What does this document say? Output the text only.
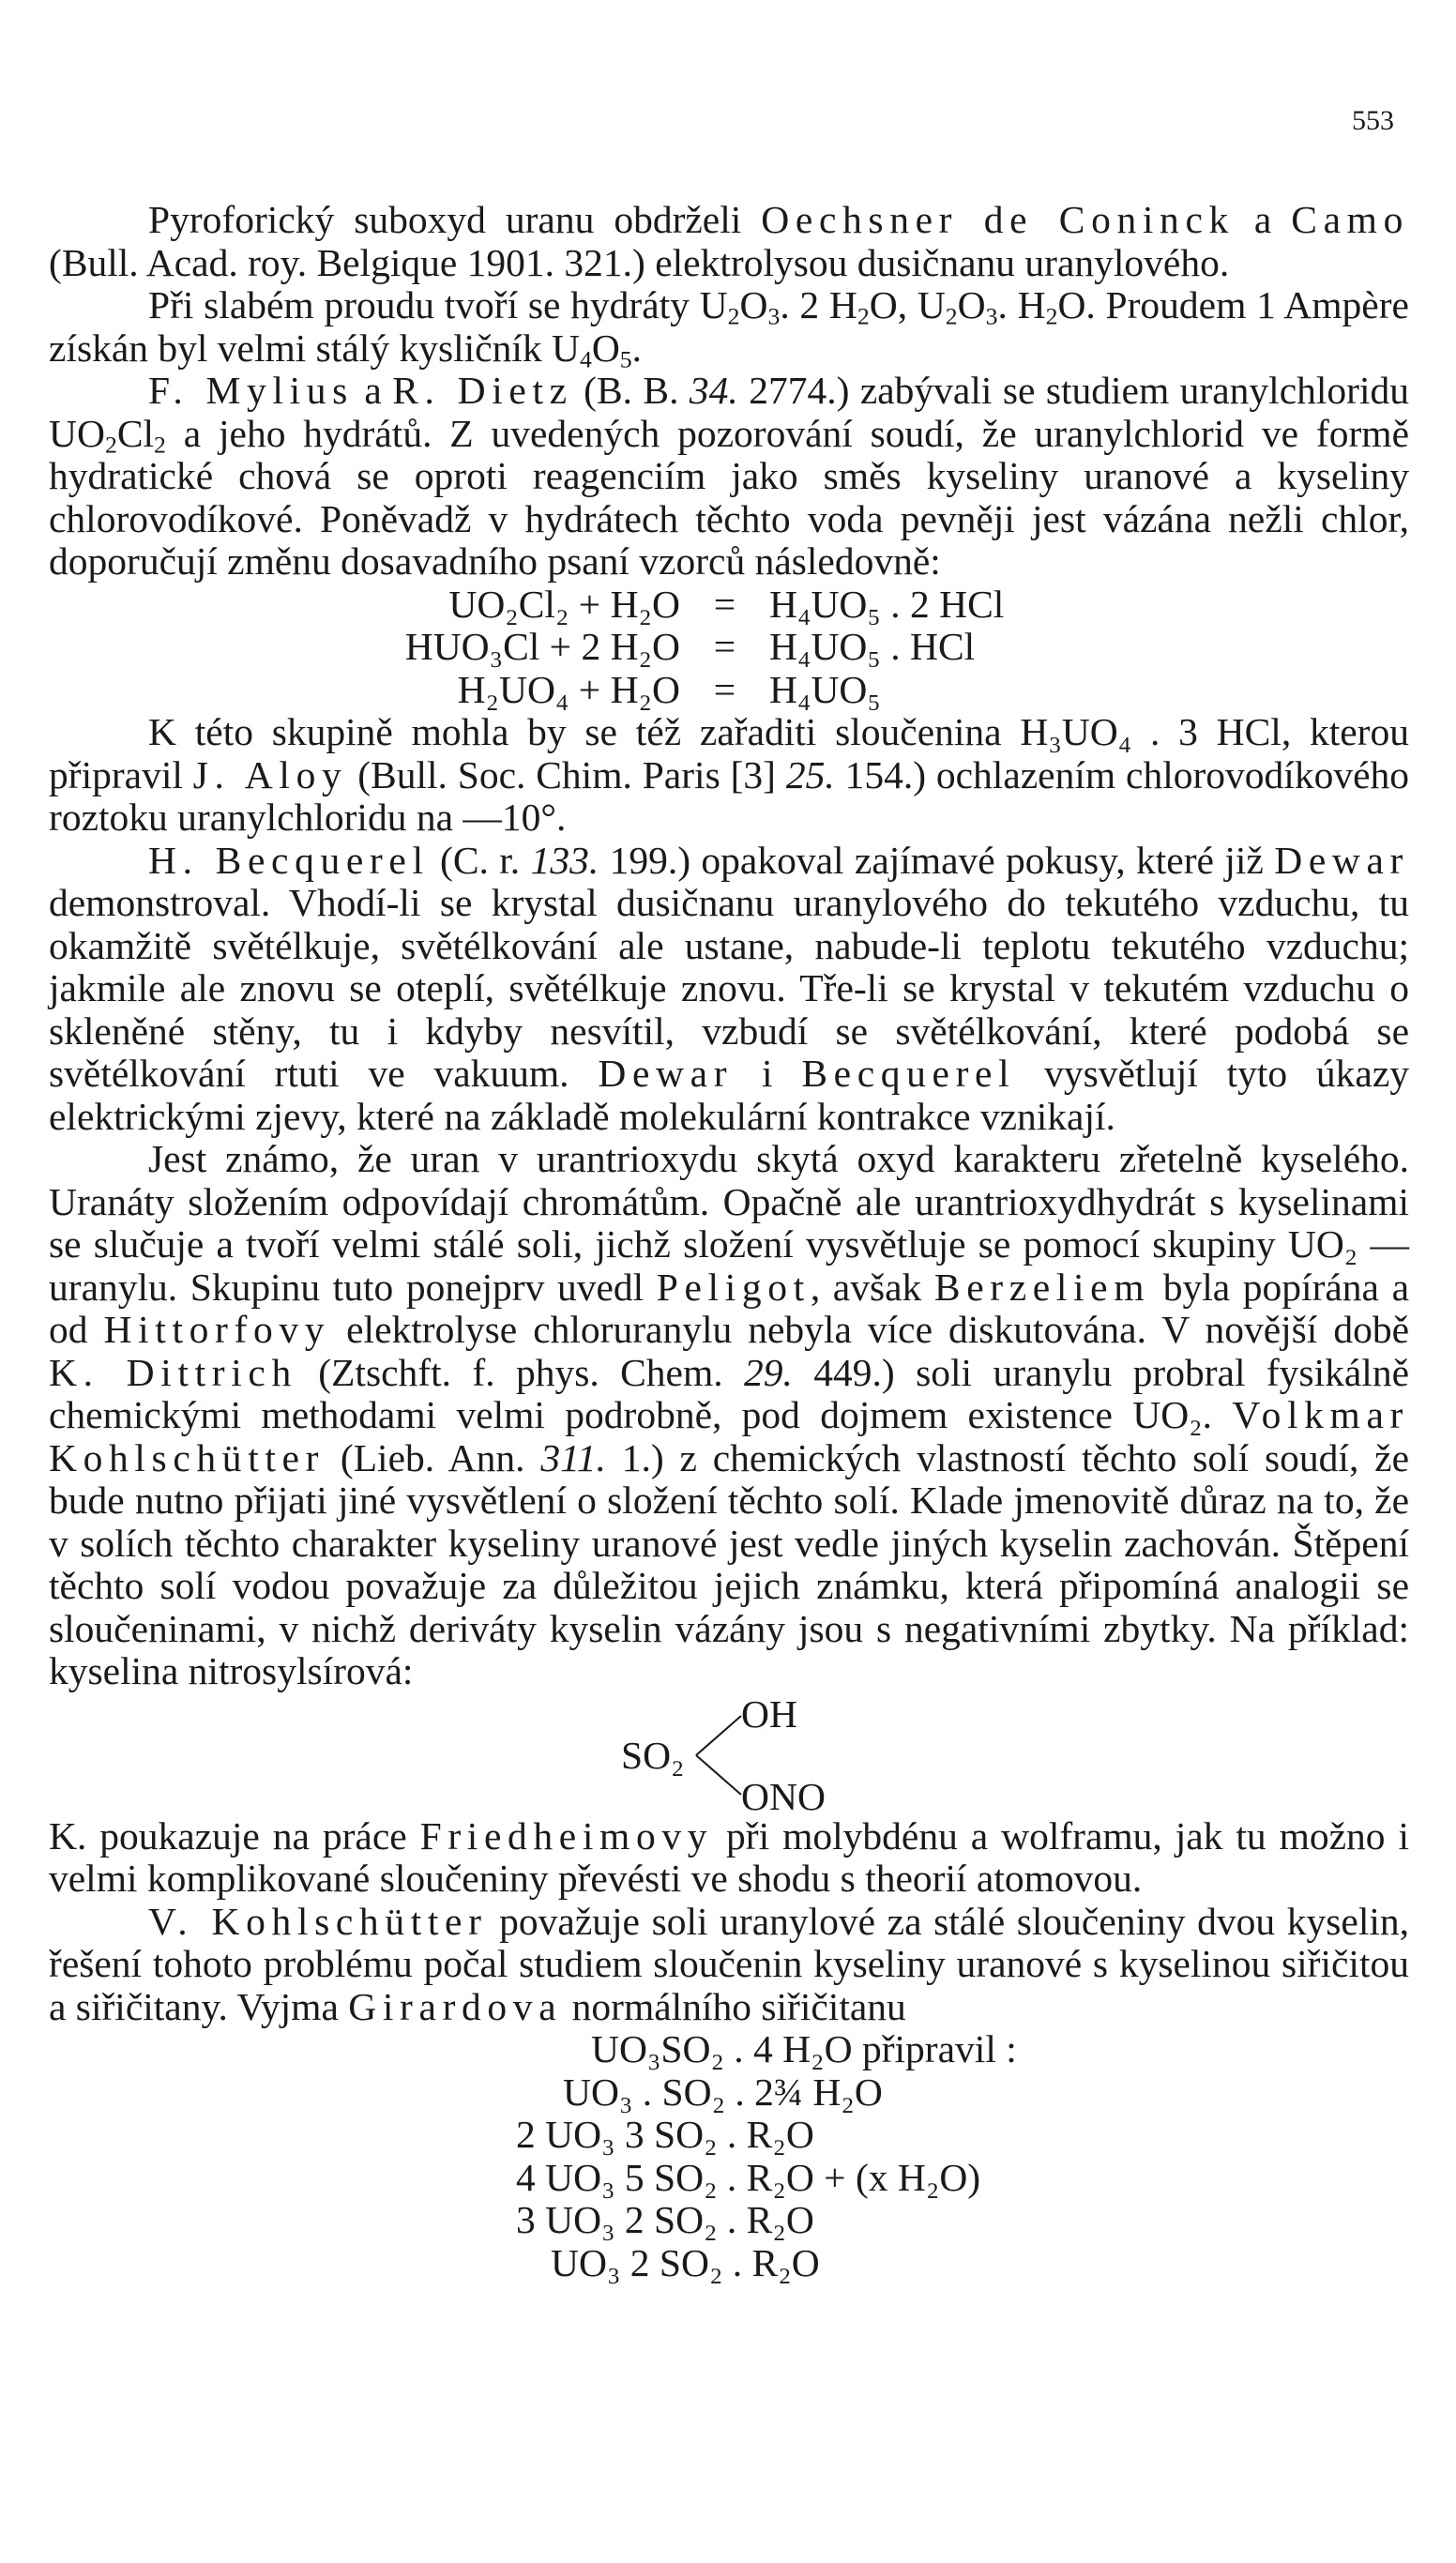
553

Pyroforický suboxyd uranu obdrželi Oechsner de Coninck a Camo (Bull. Acad. roy. Belgique 1901. 321.) elektrolysou dusičnanu uranylového.

Při slabém proudu tvoří se hydráty $U_2O_3$. 2 $H_2O$, $U_2O_3$. $H_2O$. Proudem 1 Ampère získán byl velmi stálý kysličník $U_4O_5$.

F. Mylius a R. Dietz (B. B. 34. 2774.) zabývali se studiem uranylchloridu $UO_2Cl_2$ a jeho hydrátů. Z uvedených pozorování soudí, že uranylchlorid ve formě hydratické chová se oproti reagenciím jako směs kyseliny uranové a kyseliny chlorovodíkové. Poněvadž v hydrátech těchto voda pevněji jest vázána nežli chlor, doporučují změnu dosavadního psaní vzorců následovně:

UO₂Cl₂ + H₂O = H₄UO₅ . 2 HCl
HUO₃Cl + 2 H₂O = H₄UO₅ . HCl
H₂UO₄ + H₂O = H₄UO₅

K této skupině mohla by se též zařaditi sloučenina H₃UO₄ . 3 HCl, kterou připravil J. Aloy (Bull. Soc. Chim. Paris [3] 25. 154.) ochlazením chlorovodíkového roztoku uranylchloridu na —10°.

H. Becquerel (C. r. 133. 199.) opakoval zajímavé pokusy, které již Dewar demonstroval. Vhodí-li se krystal dusičnanu uranylového do tekutého vzduchu, tu okamžitě světélkuje, světélkování ale ustane, nabude-li teplotu tekutého vzduchu; jakmile ale znovu se oteplí, světélkuje znovu. Tře-li se krystal v tekutém vzduchu o skleněné stěny, tu i kdyby nesvítil, vzbudí se světélkování, které podobá se světélkování rtuti ve vakuum. Dewar i Becquerel vysvětlují tyto úkazy elektrickými zjevy, které na základě molekulární kontrakce vznikají.

Jest známo, že uran v urantrioxydu skytá oxyd karakteru zřetelně kyselého. Uranáty složením odpovídají chromátům. Opačně ale urantrioxydhydrát s kyselinami se slučuje a tvoří velmi stálé soli, jichž složení vysvětluje se pomocí skupiny UO₂ — uranylu. Skupinu tuto ponejprv uvedl Peligot, avšak Berzeliem byla popírána a od Hittorfovy elektrolyse chloruranylu nebyla více diskutována. V novější době K. Dittrich (Ztschft. f. phys. Chem. 29. 449.) soli uranylu probral fysikálně chemickými methodami velmi podrobně, pod dojmem existence UO₂. Volkmar Kohlschütter (Lieb. Ann. 311. 1.) z chemických vlastností těchto solí soudí, že bude nutno přijati jiné vysvětlení o složení těchto solí. Klade jmenovitě důraz na to, že v solích těchto charakter kyseliny uranové jest vedle jiných kyselin zachován. Štěpení těchto solí vodou považuje za důležitou jejich známku, která připomíná analogii se sloučeninami, v nichž deriváty kyselin vázány jsou s negativními zbytky. Na příklad: kyselina nitrosylsírová:

SO₂
OH
ONO

K. poukazuje na práce Friedheimovy při molybdénu a wolframu, jak tu možno i velmi komplikované sloučeniny převésti ve shodu s theorií atomovou.

V. Kohlschütter považuje soli uranylové za stálé sloučeniny dvou kyselin, řešení tohoto problému počal studiem sloučenin kyseliny uranové s kyselinou siřičitou a siřičitany. Vyjma Girardova normálního siřičitanu

UO₃SO₂ . 4 H₂O připravil :
UO₃ . SO₂ . 2¾ H₂O
2 UO₃ 3 SO₂ . R₂O
4 UO₃ 5 SO₂ . R₂O + (x H₂O)
3 UO₃ 2 SO₂ . R₂O
UO₃ 2 SO₂ . R₂O
